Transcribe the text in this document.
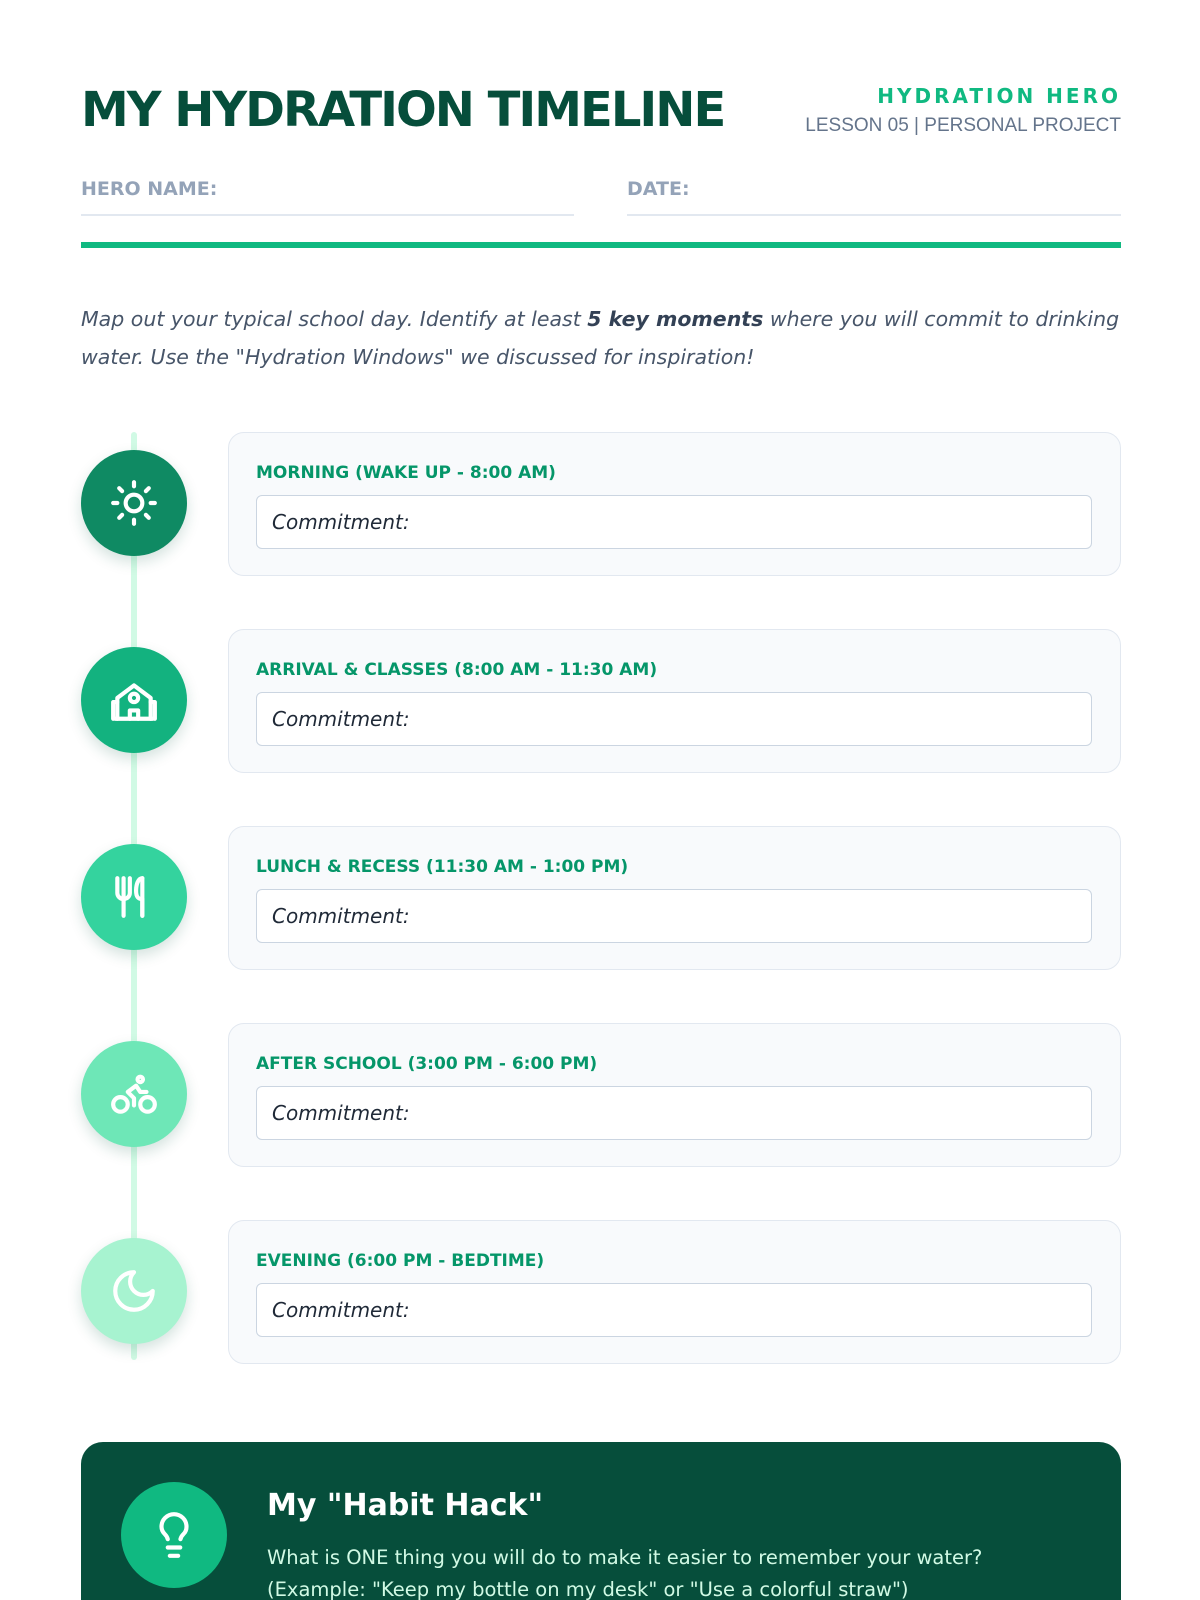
MY HYDRATION TIMELINE	HYDRATION HERO
LESSON 05 | PERSONAL PROJECT
HERO NAME:	DATE:

Map out your typical school day. Identify at least 5 key moments where you will commit to drinking water. Use the "Hydration Windows" we discussed for inspiration!

MORNING (WAKE UP - 8:00 AM)
Commitment:
ARRIVAL & CLASSES (8:00 AM - 11:30 AM)
Commitment:
LUNCH & RECESS (11:30 AM - 1:00 PM)
Commitment:
AFTER SCHOOL (3:00 PM - 6:00 PM)
Commitment:
EVENING (6:00 PM - BEDTIME)
Commitment:
My "Habit Hack"

What is ONE thing you will do to make it easier to remember your water? (Example: "Keep my bottle on my desk" or "Use a colorful straw")
